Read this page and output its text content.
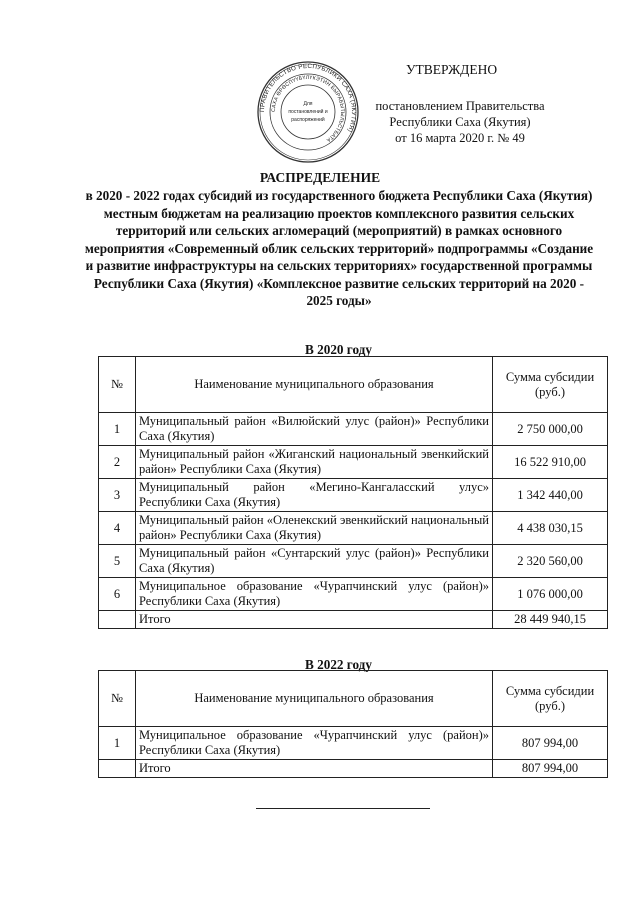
ПРАВИТЕЛЬСТВО РЕСПУБЛИКИ САХА (ЯКУТИЯ)
САХА ӨРӨСПҮҮБҮЛҮКЭТИН БЫРАБЫТЫЛЬСТБАТА
Для
постановлений и
распоряжений
УТВЕРЖДЕНО
постановлением Правительства
Республики Саха (Якутия)
от 16 марта 2020 г. № 49
РАСПРЕДЕЛЕНИЕ
в 2020 - 2022 годах субсидий из государственного бюджета Республики Саха (Якутия) местным бюджетам на реализацию проектов комплексного развития сельских территорий или сельских агломераций (мероприятий) в рамках основного мероприятия «Современный облик сельских территорий» подпрограммы «Создание и развитие инфраструктуры на сельских территориях» государственной программы Республики Саха (Якутия) «Комплексное развитие сельских территорий на 2020 - 2025 годы»
В 2020 году
№	Наименование муниципального образования	Сумма субсидии (руб.)
1	Муниципальный район «Вилюйский улус (район)» Республики Саха (Якутия)	2 750 000,00
2	Муниципальный район «Жиганский национальный эвенкийский район» Республики Саха (Якутия)	16 522 910,00
3	Муниципальный район «Мегино-Кангаласский улус» Республики Саха (Якутия)	1 342 440,00
4	Муниципальный район «Оленекский эвенкийский национальный район» Республики Саха (Якутия)	4 438 030,15
5	Муниципальный район «Сунтарский улус (район)» Республики Саха (Якутия)	2 320 560,00
6	Муниципальное образование «Чурапчинский улус (район)» Республики Саха (Якутия)	1 076 000,00
	Итого	28 449 940,15
В 2022 году
№	Наименование муниципального образования	Сумма субсидии (руб.)
1	Муниципальное образование «Чурапчинский улус (район)» Республики Саха (Якутия)	807 994,00
	Итого	807 994,00
